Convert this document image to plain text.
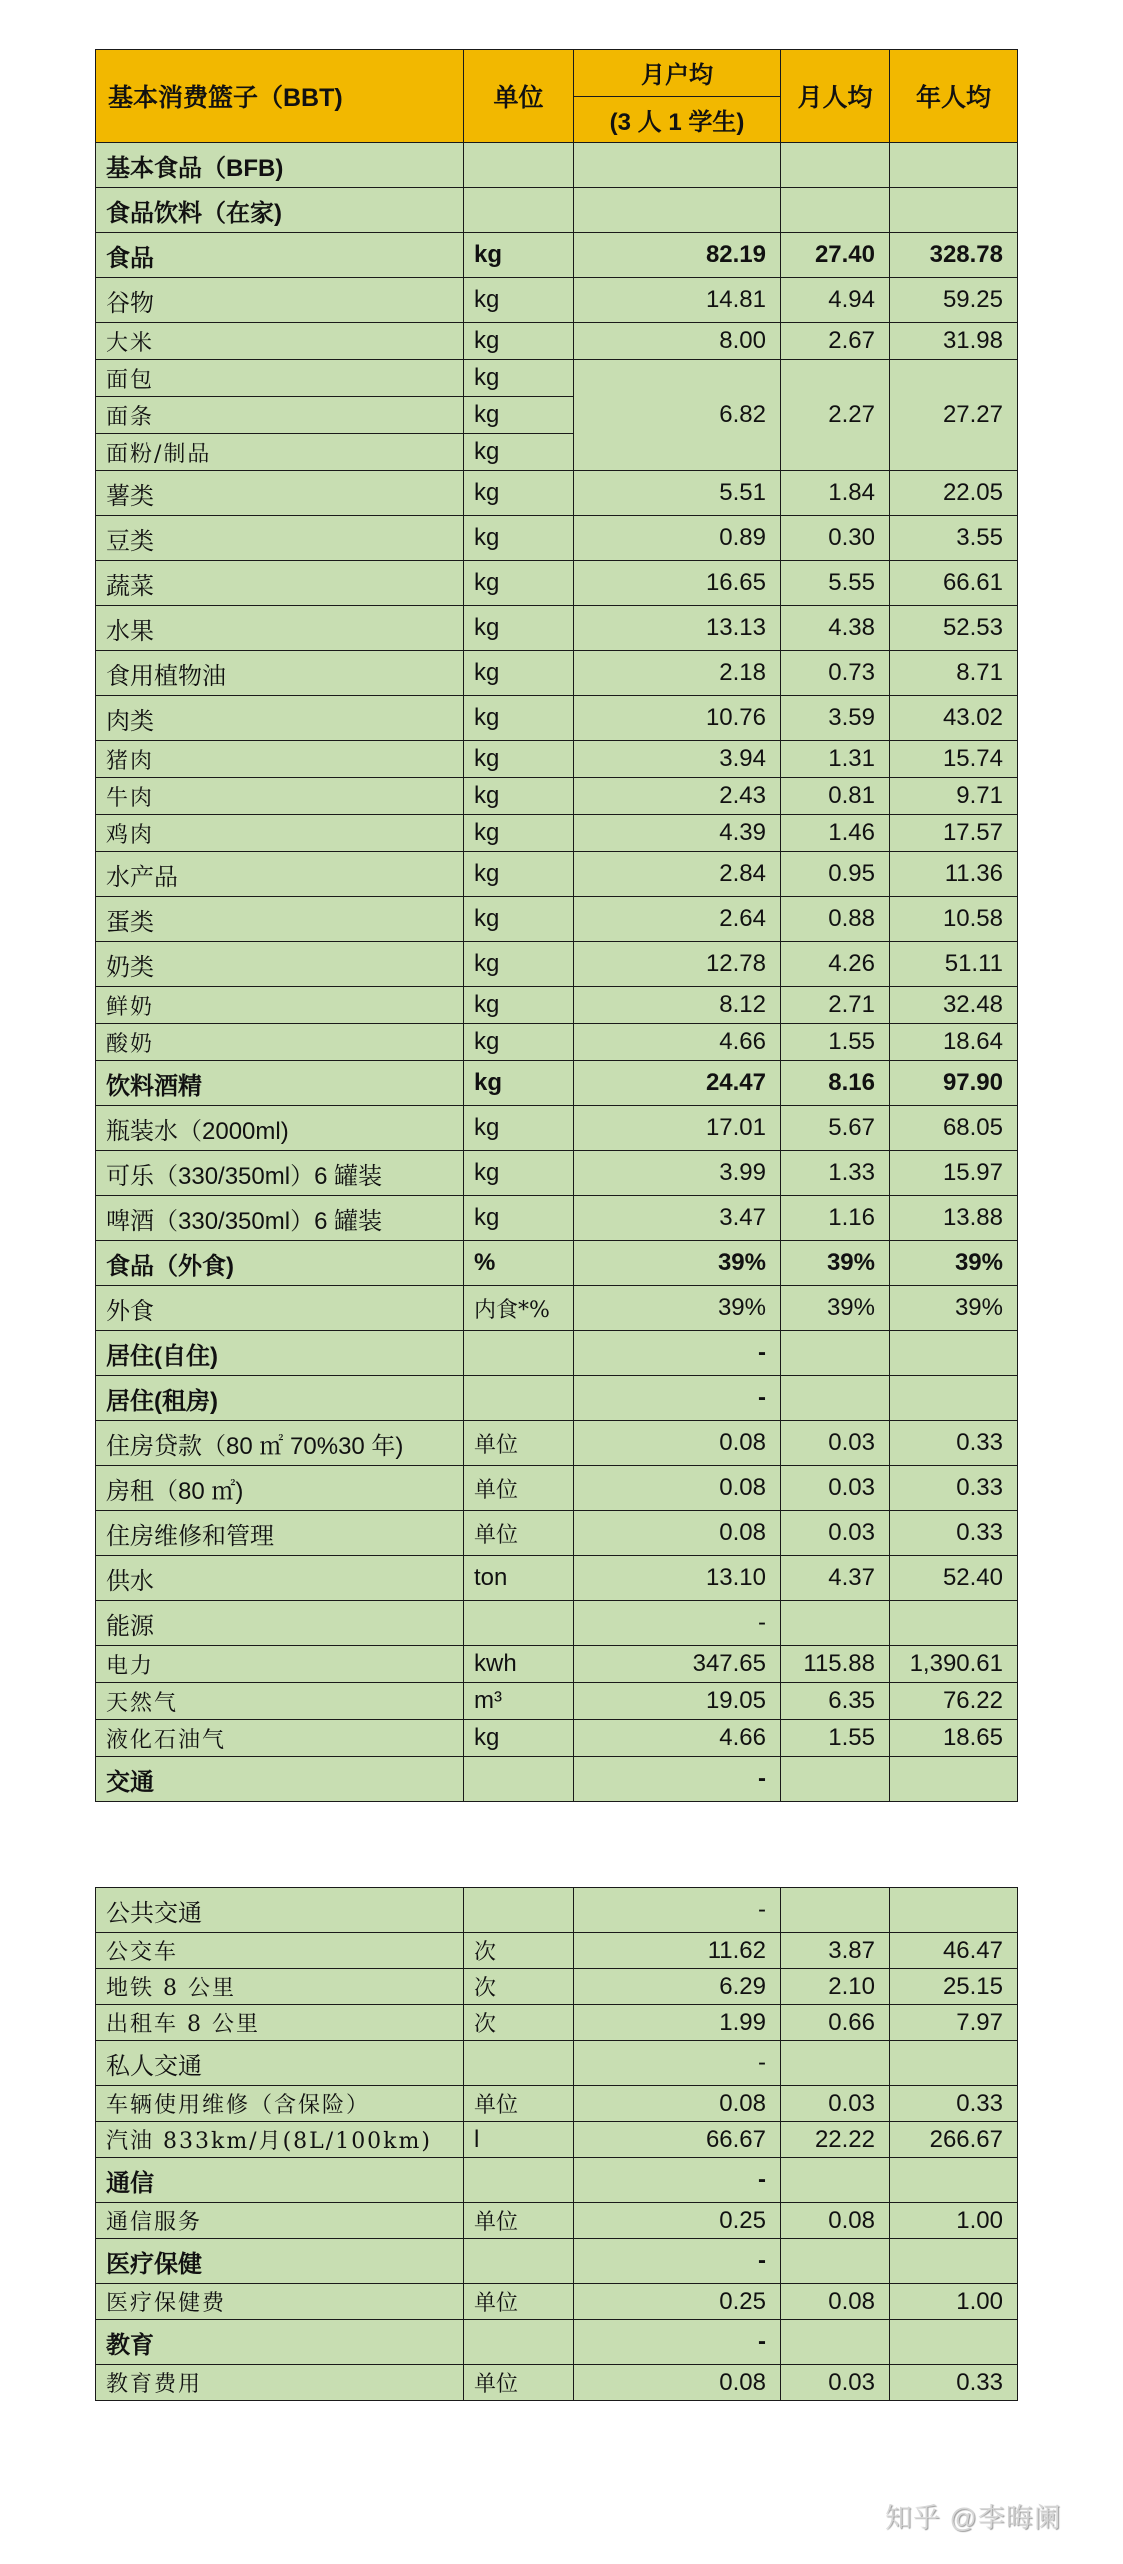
基本消费篮子（BBT)	单位	月户均	月人均	年人均
		(3 人 1 学生)		
基本食品（BFB)				
食品饮料（在家)				
食品	kg	82.19	27.40	328.78
谷物	kg	14.81	4.94	59.25
大米	kg	8.00	2.67	31.98
面包	kg	6.82	2.27	27.27
面条	kg			
面粉/制品	kg			
薯类	kg	5.51	1.84	22.05
豆类	kg	0.89	0.30	3.55
蔬菜	kg	16.65	5.55	66.61
水果	kg	13.13	4.38	52.53
食用植物油	kg	2.18	0.73	8.71
肉类	kg	10.76	3.59	43.02
猪肉	kg	3.94	1.31	15.74
牛肉	kg	2.43	0.81	9.71
鸡肉	kg	4.39	1.46	17.57
水产品	kg	2.84	0.95	11.36
蛋类	kg	2.64	0.88	10.58
奶类	kg	12.78	4.26	51.11
鲜奶	kg	8.12	2.71	32.48
酸奶	kg	4.66	1.55	18.64
饮料酒精	kg	24.47	8.16	97.90
瓶装水（2000ml)	kg	17.01	5.67	68.05
可乐（330/350ml）6 罐装	kg	3.99	1.33	15.97
啤酒（330/350ml）6 罐装	kg	3.47	1.16	13.88
食品（外食)	%	39%	39%	39%
外食	内食*%	39%	39%	39%
居住(自住)		-		
居住(租房)		-		
住房贷款（80 ㎡ 70%30 年)	单位	0.08	0.03	0.33
房租（80 ㎡)	单位	0.08	0.03	0.33
住房维修和管理	单位	0.08	0.03	0.33
供水	ton	13.10	4.37	52.40
能源		-		
电力	kwh	347.65	115.88	1,390.61
天然气	m³	19.05	6.35	76.22
液化石油气	kg	4.66	1.55	18.65
交通		-		
公共交通		-		
公交车	次	11.62	3.87	46.47
地铁 8 公里	次	6.29	2.10	25.15
出租车 8 公里	次	1.99	0.66	7.97
私人交通		-		
车辆使用维修（含保险）	单位	0.08	0.03	0.33
汽油 833km/月(8L/100km)	l	66.67	22.22	266.67
通信		-		
通信服务	单位	0.25	0.08	1.00
医疗保健		-		
医疗保健费	单位	0.25	0.08	1.00
教育		-		
教育费用	单位	0.08	0.03	0.33
知乎 @李晦阑
